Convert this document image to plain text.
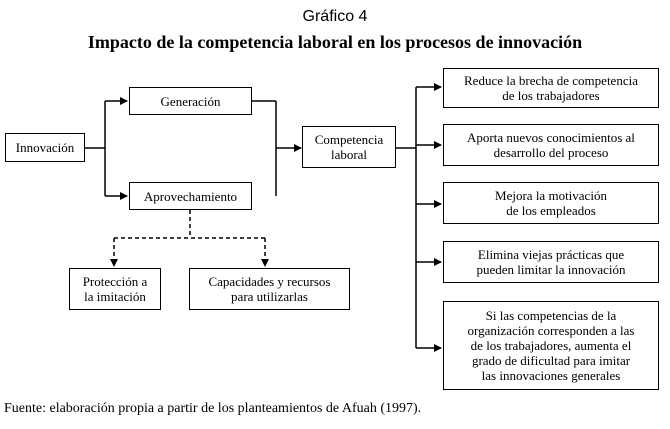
Gráfico 4
Impacto de la competencia laboral en los procesos de innovación
Innovación
Generación
Aprovechamiento
Protección a
la imitación
Capacidades y recursos
para utilizarlas
Competencia
laboral
Reduce la brecha de competencia
de los trabajadores
Aporta nuevos conocimientos al
desarrollo del proceso
Mejora la motivación
de los empleados
Elimina viejas prácticas que
pueden limitar la innovación
Si las competencias de la
organización corresponden a las
de los trabajadores, aumenta el
grado de dificultad para imitar
las innovaciones generales
Fuente: elaboración propia a partir de los planteamientos de Afuah (1997).
